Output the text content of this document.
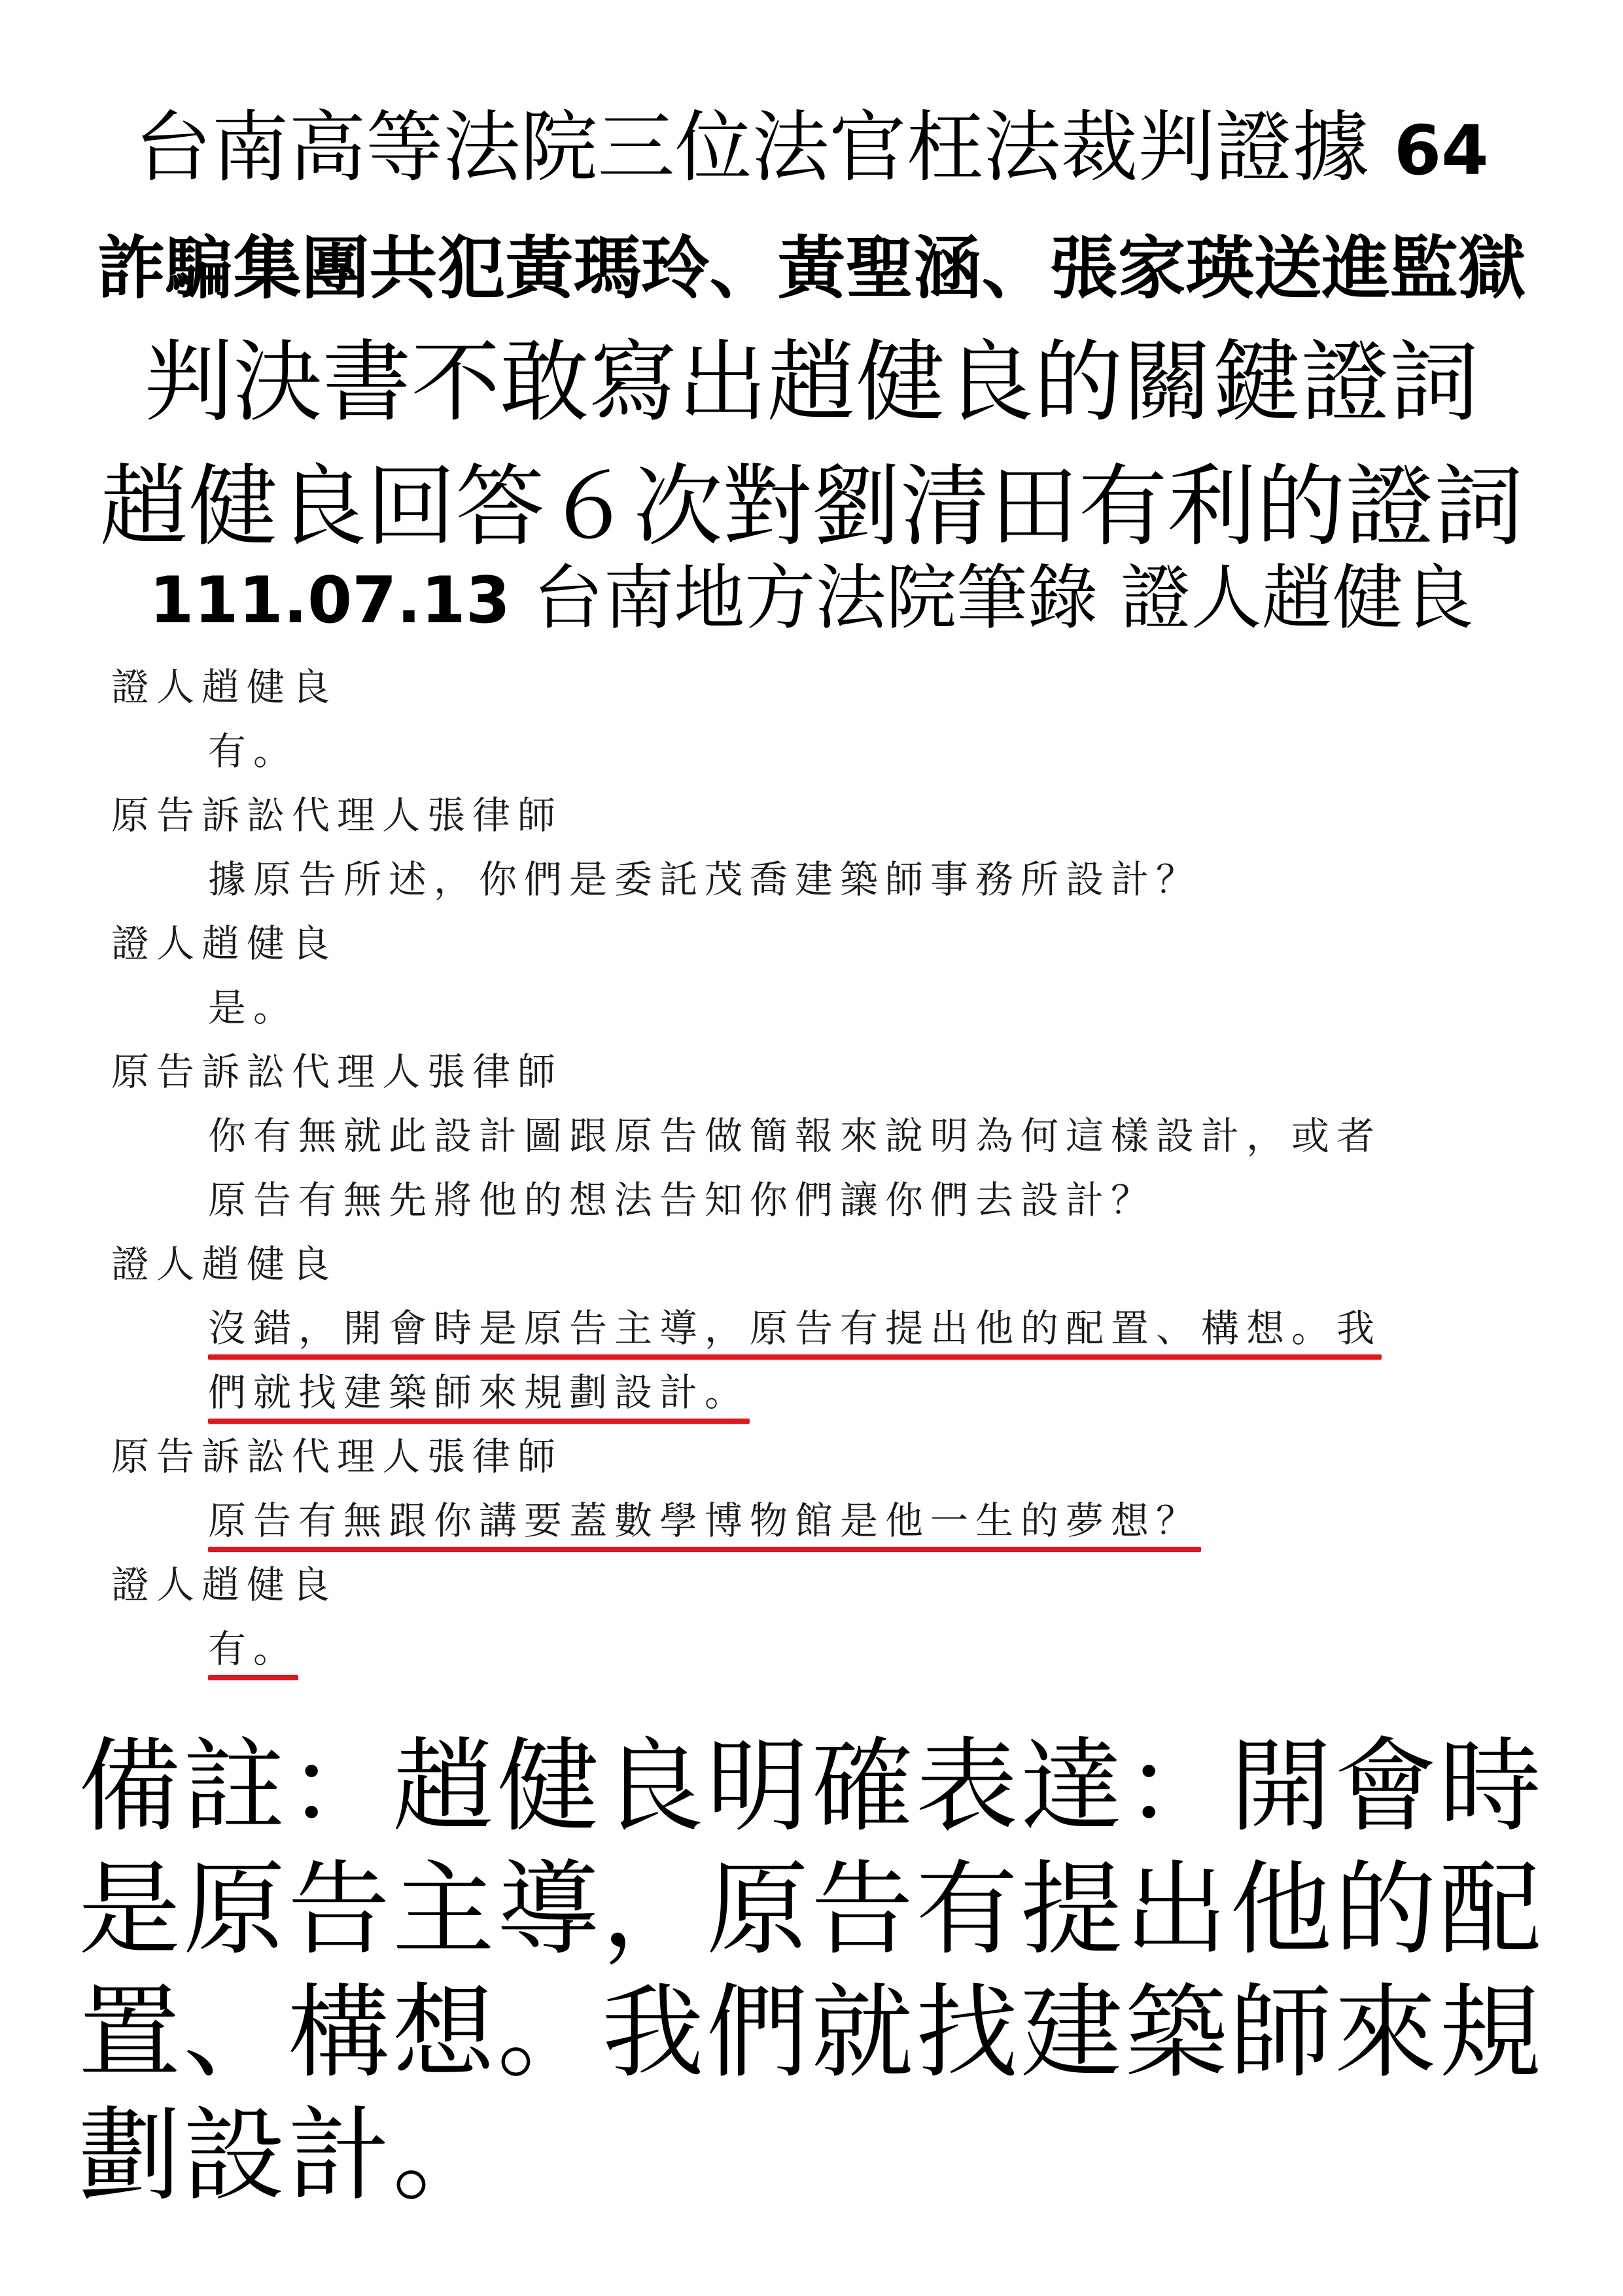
台南高等法院三位法官枉法裁判證據 64
詐騙集團共犯黃瑪玲、黃聖涵、張家瑛送進監獄
判決書不敢寫出趙健良的關鍵證詞
趙健良回答６次對劉清田有利的證詞
111.07.13 台南地方法院筆錄 證人趙健良
證人趙健良
有。
原告訴訟代理人張律師
據原告所述，你們是委託茂喬建築師事務所設計？
證人趙健良
是。
原告訴訟代理人張律師
你有無就此設計圖跟原告做簡報來說明為何這樣設計，或者
原告有無先將他的想法告知你們讓你們去設計？
證人趙健良
沒錯，開會時是原告主導，原告有提出他的配置、構想。我
們就找建築師來規劃設計。
原告訴訟代理人張律師
原告有無跟你講要蓋數學博物館是他一生的夢想？
證人趙健良
有。
備註：趙健良明確表達：開會時
是原告主導，原告有提出他的配
置、構想。我們就找建築師來規
劃設計。
